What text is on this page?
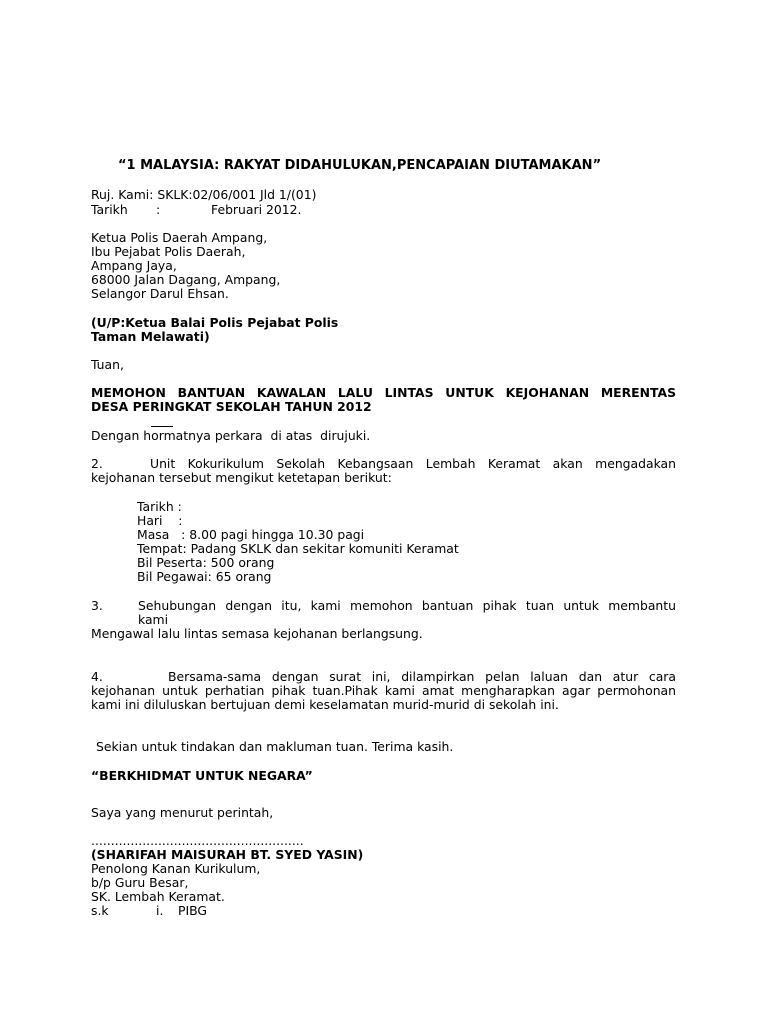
“1 MALAYSIA: RAKYAT DIDAHULUKAN,PENCAPAIAN DIUTAMAKAN”
Ruj. Kami: SKLK:02/06/001 Jld 1/(01)
Tarikh :	Februari 2012.
Ketua Polis Daerah Ampang,
Ibu Pejabat Polis Daerah,
Ampang Jaya,
68000 Jalan Dagang, Ampang,
Selangor Darul Ehsan.
(U/P:Ketua Balai Polis Pejabat Polis
Taman Melawati)
Tuan,
MEMOHON BANTUAN KAWALAN LALU LINTAS UNTUK KEJOHANAN MERENTAS
DESA PERINGKAT SEKOLAH TAHUN 2012
Dengan hormatnya perkara  di atas  dirujuki.
2.	Unit Kokurikulum Sekolah Kebangsaan Lembah Keramat akan mengadakan
kejohanan tersebut mengikut ketetapan berikut:
Tarikh :
Hari    :
Masa   : 8.00 pagi hingga 10.30 pagi
Tempat: Padang SKLK dan sekitar komuniti Keramat
Bil Peserta: 500 orang
Bil Pegawai: 65 orang
3.	Sehubungan dengan itu, kami memohon bantuan pihak tuan untuk membantu
kami
Mengawal lalu lintas semasa kejohanan berlangsung.
4.	Bersama-sama dengan surat ini, dilampirkan pelan laluan dan atur cara
kejohanan untuk perhatian pihak tuan.Pihak kami amat mengharapkan agar permohonan
kami ini diluluskan bertujuan demi keselamatan murid-murid di sekolah ini.
Sekian untuk tindakan dan makluman tuan. Terima kasih.
“BERKHIDMAT UNTUK NEGARA”
Saya yang menurut perintah,
......................................................
(SHARIFAH MAISURAH BT. SYED YASIN)
Penolong Kanan Kurikulum,
b/p Guru Besar,
SK. Lembah Keramat.
s.k	i. PIBG
